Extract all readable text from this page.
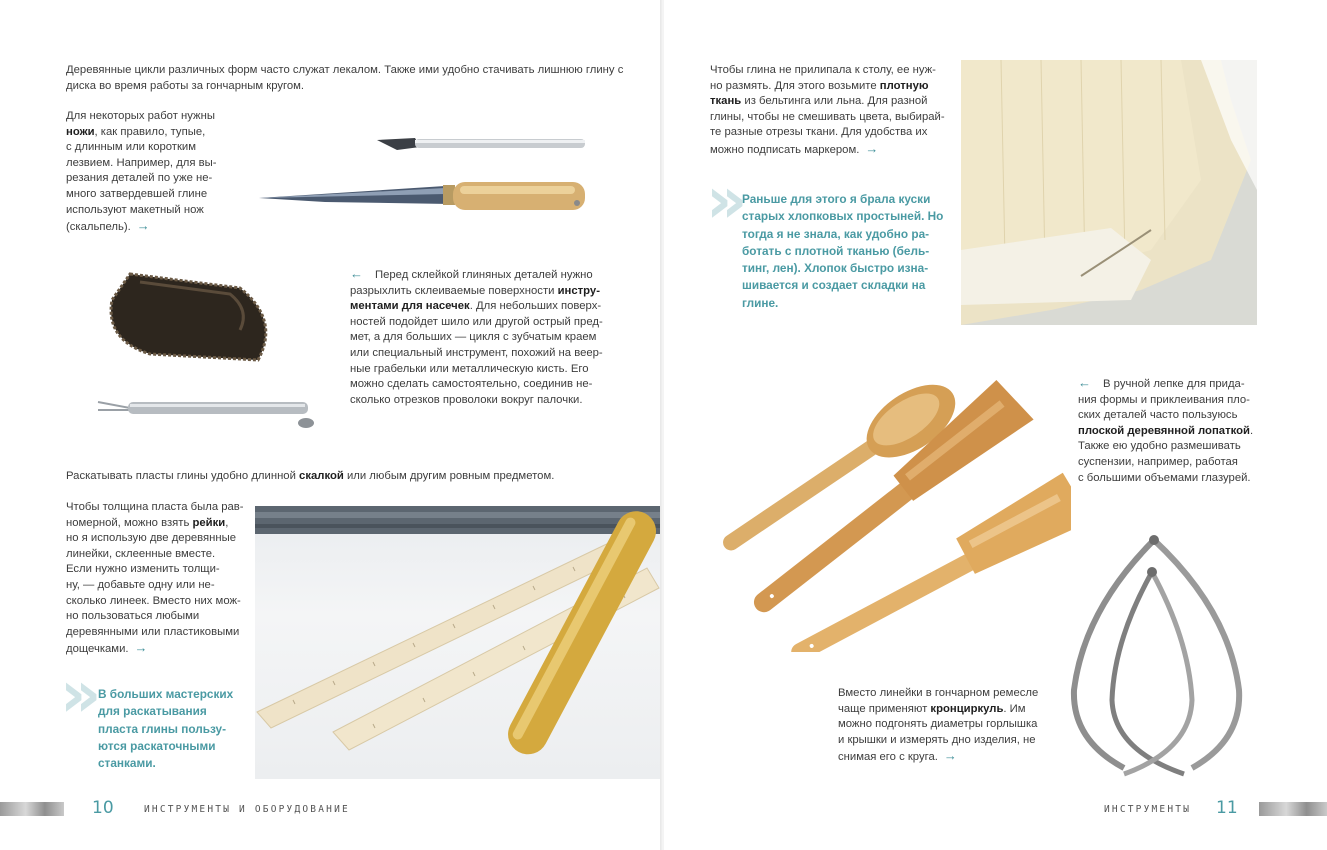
Деревянные цикли различных форм часто служат лекалом. Также ими удобно стачивать лишнюю глину с диска во время работы за гончарным кругом.
Для некоторых работ нужны
ножи, как правило, тупые,
с длинным или коротким
лезвием. Например, для вы-
резания деталей по уже не-
много затвердевшей глине
используют макетный нож
(скальпель). →
← Перед склейкой глиняных деталей нужно
разрыхлить склеиваемые поверхности инстру-
ментами для насечек. Для небольших поверх-
ностей подойдет шило или другой острый пред-
мет, а для больших — цикля с зубчатым краем
или специальный инструмент, похожий на веер-
ные грабельки или металлическую кисть. Его
можно сделать самостоятельно, соединив не-
сколько отрезков проволоки вокруг палочки.
Раскатывать пласты глины удобно длинной скалкой или любым другим ровным предметом.
Чтобы толщина пласта была рав-
номерной, можно взять рейки,
но я использую две деревянные
линейки, склеенные вместе.
Если нужно изменить толщи-
ну, — добавьте одну или не-
сколько линеек. Вместо них мож-
но пользоваться любыми
деревянными или пластиковыми
дощечками. →
» В больших мастерских
для раскатывания
пласта глины пользу-
ются раскаточными
станками.
10	ИНСТРУМЕНТЫ И ОБОРУДОВАНИЕ
Чтобы глина не прилипала к столу, ее нуж-
но размять. Для этого возьмите плотную
ткань из бельтинга или льна. Для разной
глины, чтобы не смешивать цвета, выбирай-
те разные отрезы ткани. Для удобства их
можно подписать маркером. →
» Раньше для этого я брала куски
старых хлопковых простыней. Но
тогда я не знала, как удобно ра-
ботать с плотной тканью (бель-
тинг, лен). Хлопок быстро изна-
шивается и создает складки на
глине.
← В ручной лепке для прида-
ния формы и приклеивания пло-
ских деталей часто пользуюсь
плоской деревянной лопаткой.
Также ею удобно размешивать
суспензии, например, работая
с большими объемами глазурей.
Вместо линейки в гончарном ремесле
чаще применяют кронциркуль. Им
можно подгонять диаметры горлышка
и крышки и измерять дно изделия, не
снимая его с круга. →
ИНСТРУМЕНТЫ 11
